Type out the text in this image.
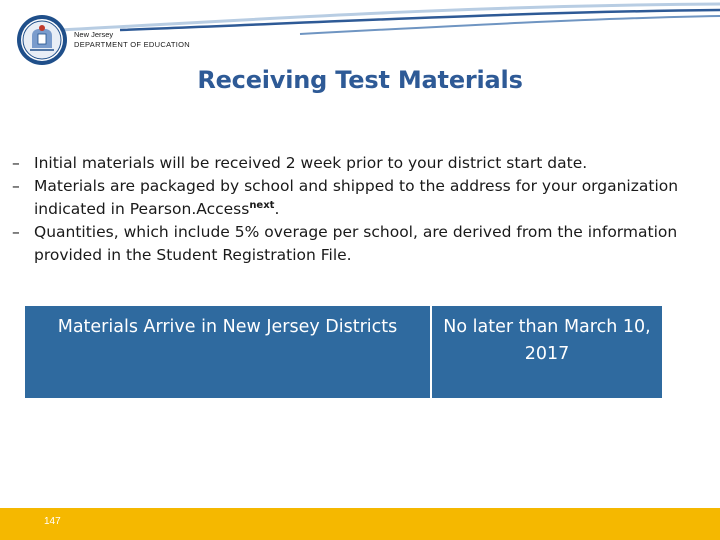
New Jersey
DEPARTMENT OF EDUCATION
Receiving Test Materials
– Initial materials will be received 2 week prior to your district start date.
– Materials are packaged by school and shipped to the address for your organization indicated in Pearson.Access$^{next}$.
– Quantities, which include 5% overage per school, are derived from the information provided in the Student Registration File.
Materials Arrive in New Jersey Districts	No later than March 10, 2017
147
